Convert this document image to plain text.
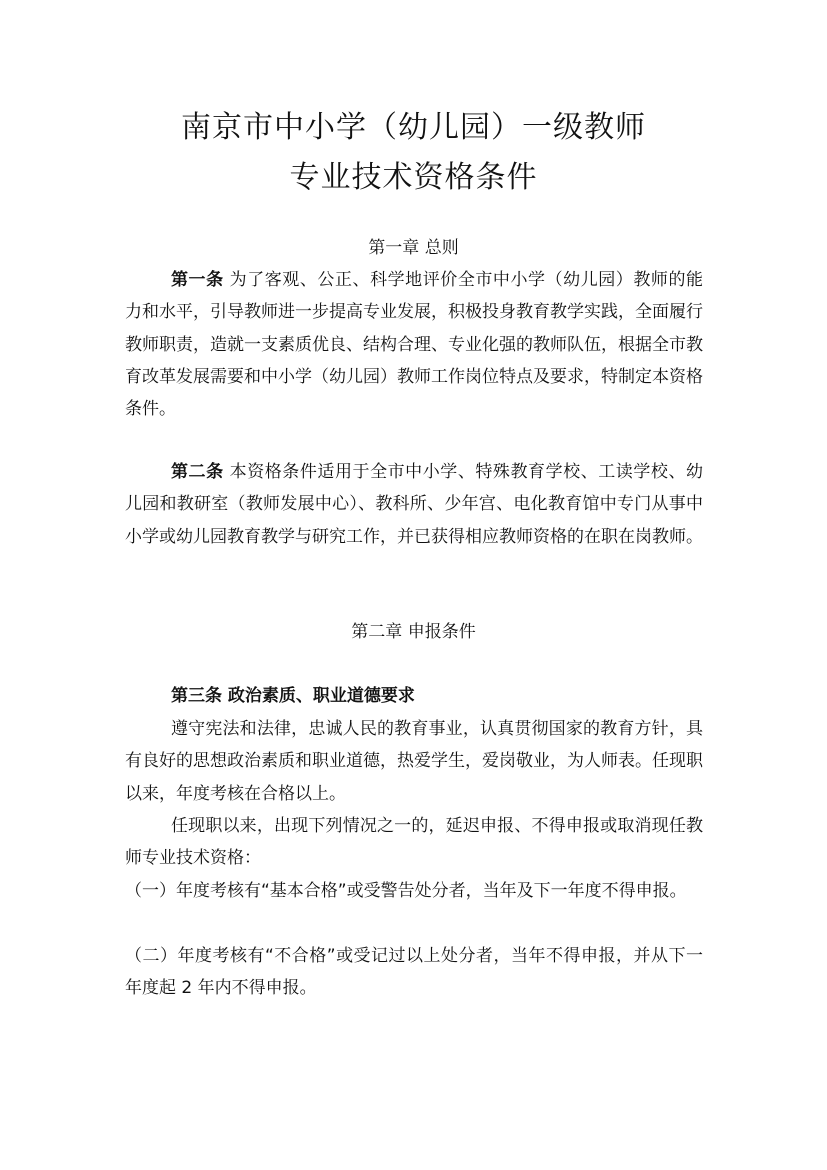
南京市中小学（幼儿园）一级教师
专业技术资格条件

第一章 总则

第一条 为了客观、公正、科学地评价全市中小学（幼儿园）教师的能力和水平，引导教师进一步提高专业发展，积极投身教育教学实践，全面履行教师职责，造就一支素质优良、结构合理、专业化强的教师队伍，根据全市教育改革发展需要和中小学（幼儿园）教师工作岗位特点及要求，特制定本资格条件。

第二条 本资格条件适用于全市中小学、特殊教育学校、工读学校、幼儿园和教研室（教师发展中心）、教科所、少年宫、电化教育馆中专门从事中小学或幼儿园教育教学与研究工作，并已获得相应教师资格的在职在岗教师。

第二章 申报条件

第三条 政治素质、职业道德要求

遵守宪法和法律，忠诚人民的教育事业，认真贯彻国家的教育方针，具有良好的思想政治素质和职业道德，热爱学生，爱岗敬业，为人师表。任现职以来，年度考核在合格以上。

任现职以来，出现下列情况之一的，延迟申报、不得申报或取消现任教师专业技术资格：

（一）年度考核有“基本合格”或受警告处分者，当年及下一年度不得申报。

（二）年度考核有“不合格”或受记过以上处分者，当年不得申报，并从下一年度起 2 年内不得申报。
